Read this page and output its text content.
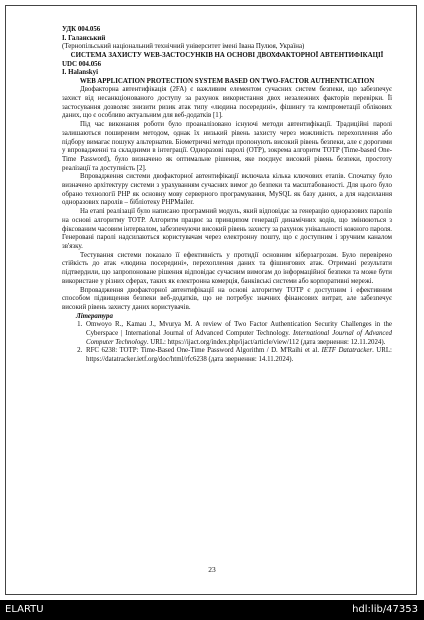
УДК 004.056

І. Галанський

(Тернопільський національний технічний університет імені Івана Пулюя, Україна)

СИСТЕМА ЗАХИСТУ WEB-ЗАСТОСУНКІВ НА ОСНОВІ ДВОХФАКТОРНОЇ АВТЕНТИФІКАЦІЇ

UDC 004.056

I. Halanskyi

WEB APPLICATION PROTECTION SYSTEM BASED ON TWO-FACTOR AUTHENTICATION

Двофакторна автентифікація (2FA) є важливим елементом сучасних систем безпеки, що забезпечує захист від несанкціонованого доступу за рахунок використання двох незалежних факторів перевірки. Її застосування дозволяє знизити ризик атак типу «людина посередині», фішингу та компрометації облікових даних, що є особливо актуальним для веб-додатків [1].

Під час виконання роботи було проаналізовано існуючі методи автентифікації. Традиційні паролі залишаються поширеним методом, однак їх низький рівень захисту через можливість перехоплення або підбору вимагає пошуку альтернатив. Біометричні методи пропонують високий рівень безпеки, але є дорогими у впровадженні та складними в інтеграції. Одноразові паролі (OTP), зокрема алгоритм TOTP (Time-based One-Time Password), було визначено як оптимальне рішення, яке поєднує високий рівень безпеки, простоту реалізації та доступність [2].

Впровадження системи двофакторної автентифікації включала кілька ключових етапів. Спочатку було визначено архітектуру системи з урахуванням сучасних вимог до безпеки та масштабованості. Для цього було обрано технології PHP як основну мову серверного програмування, MySQL як базу даних, а для надсилання одноразових паролів – бібліотеку PHPMailer.

На етапі реалізації було написано програмний модуль, який відповідає за генерацію одноразових паролів на основі алгоритму TOTP. Алгоритм працює за принципом генерації динамічних кодів, що змінюються з фіксованим часовим інтервалом, забезпечуючи високий рівень захисту за рахунок унікальності кожного пароля. Генеровані паролі надсилаються користувачам через електронну пошту, що є доступним і зручним каналом зв'язку.

Тестування системи показало її ефективність у протидії основним кіберзагрозам. Було перевірено стійкість до атак «людина посередині», перехоплення даних та фішингових атак. Отримані результати підтвердили, що запропоноване рішення відповідає сучасним вимогам до інформаційної безпеки та може бути використане у різних сферах, таких як електронна комерція, банківські системи або корпоративні мережі.

Впровадження двофакторної автентифікації на основі алгоритму TOTP є доступним і ефективним способом підвищення безпеки веб-додатків, що не потребує значних фінансових витрат, але забезпечує високий рівень захисту даних користувачів.

Література

1. Omwoyo R., Kamau J., Mvurya M. A review of Two Factor Authentication Security Challenges in the Cyberspace | International Journal of Advanced Computer Technology. International Journal of Advanced Computer Technology. URL: https://ijact.org/index.php/ijact/article/view/112 (дата звернення: 12.11.2024).
2. RFC 6238: TOTP: Time-Based One-Time Password Algorithm / D. M'Raihi et al. IETF Datatracker. URL: https://datatracker.ietf.org/doc/html/rfc6238 (дата звернення: 14.11.2024).
23
ELARTU	hdl:lib/47353
